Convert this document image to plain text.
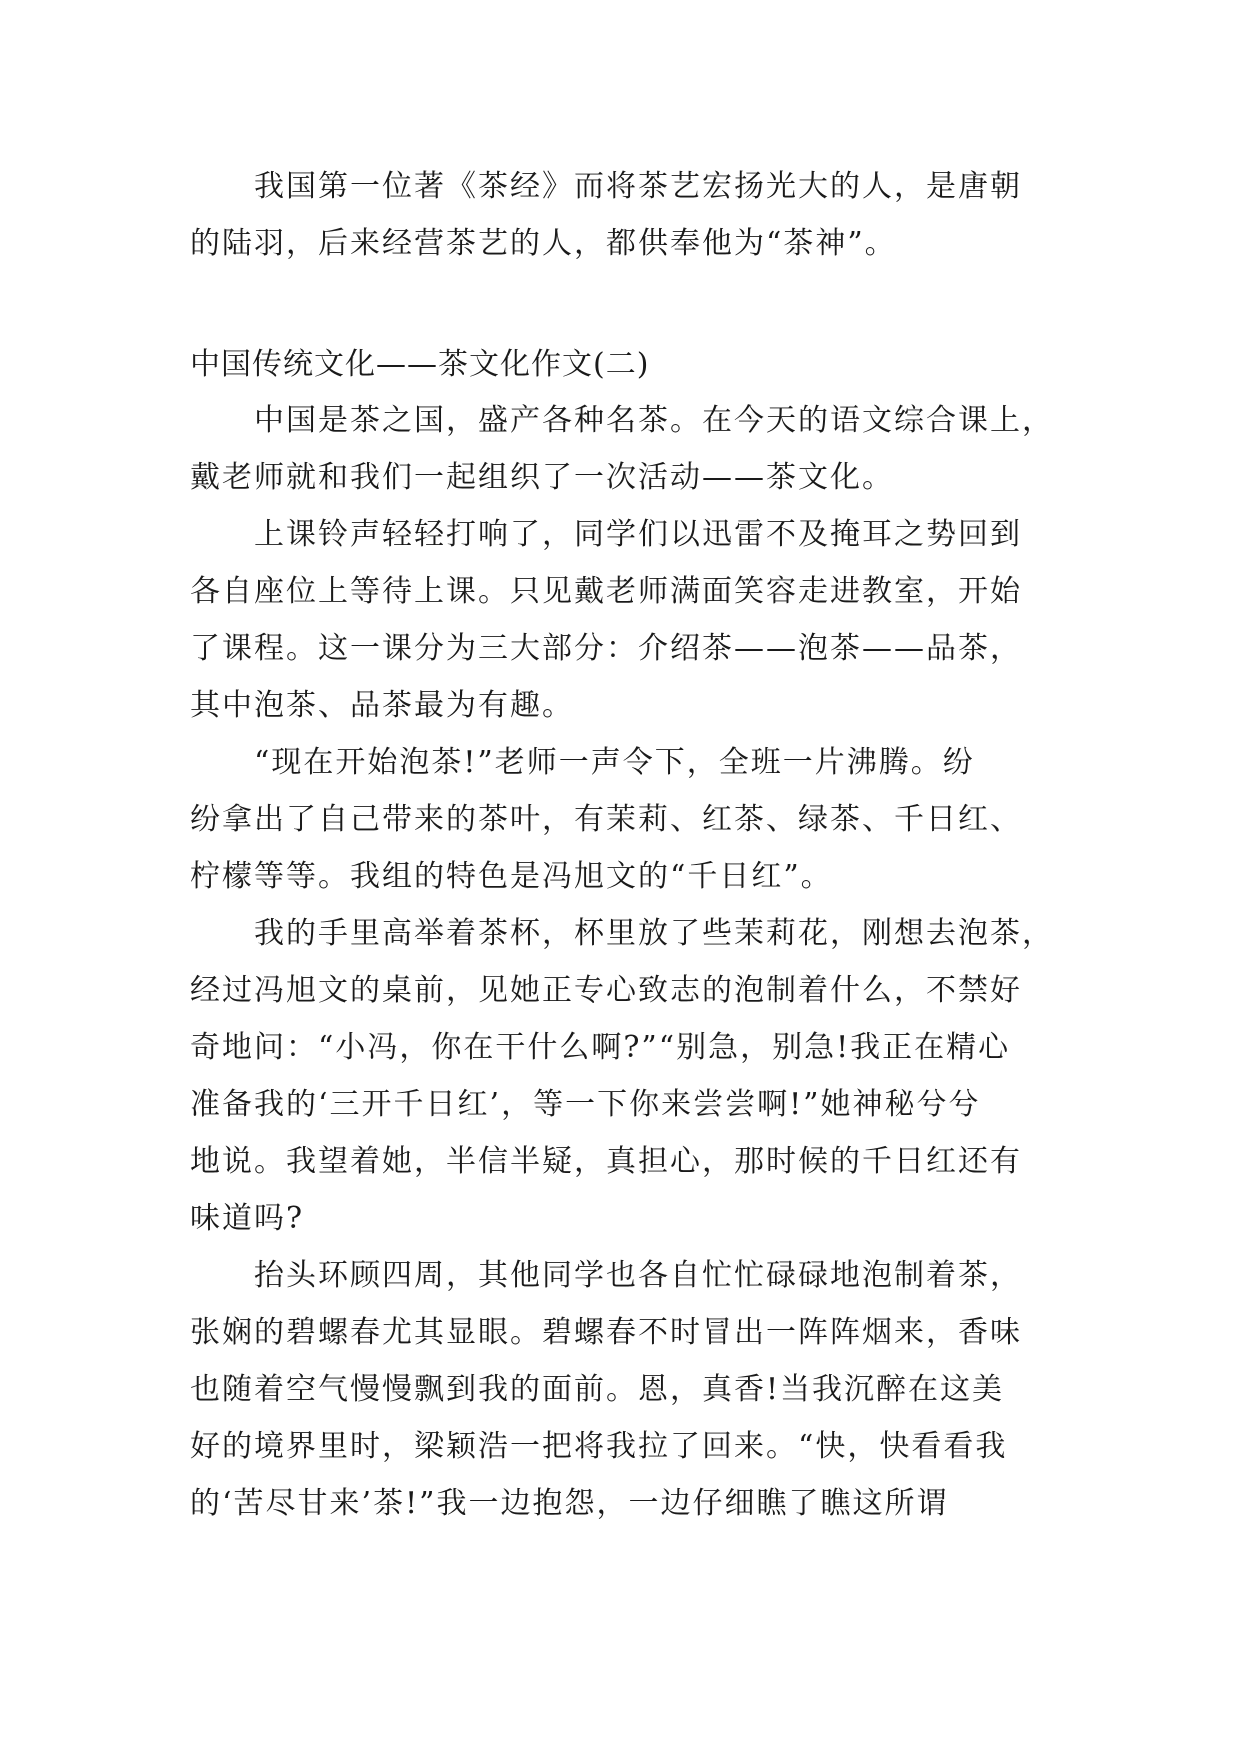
　　我国第一位著《茶经》而将茶艺宏扬光大的人，是唐朝
的陆羽，后来经营茶艺的人，都供奉他为“茶神”。
中国传统文化——茶文化作文(二)
　　中国是茶之国，盛产各种名茶。在今天的语文综合课上，
戴老师就和我们一起组织了一次活动——茶文化。
　　上课铃声轻轻打响了，同学们以迅雷不及掩耳之势回到
各自座位上等待上课。只见戴老师满面笑容走进教室，开始
了课程。这一课分为三大部分：介绍茶——泡茶——品茶，
其中泡茶、品茶最为有趣。
　　“现在开始泡茶!”老师一声令下，全班一片沸腾。纷
纷拿出了自己带来的茶叶，有茉莉、红茶、绿茶、千日红、
柠檬等等。我组的特色是冯旭文的“千日红”。
　　我的手里高举着茶杯，杯里放了些茉莉花，刚想去泡茶，
经过冯旭文的桌前，见她正专心致志的泡制着什么，不禁好
奇地问：“小冯，你在干什么啊?”“别急，别急!我正在精心
准备我的‘三开千日红’，等一下你来尝尝啊!”她神秘兮兮
地说。我望着她，半信半疑，真担心，那时候的千日红还有
味道吗?
　　抬头环顾四周，其他同学也各自忙忙碌碌地泡制着茶，
张娴的碧螺春尤其显眼。碧螺春不时冒出一阵阵烟来，香味
也随着空气慢慢飘到我的面前。恩，真香!当我沉醉在这美
好的境界里时，梁颖浩一把将我拉了回来。“快，快看看我
的‘苦尽甘来’茶!”我一边抱怨，一边仔细瞧了瞧这所谓
